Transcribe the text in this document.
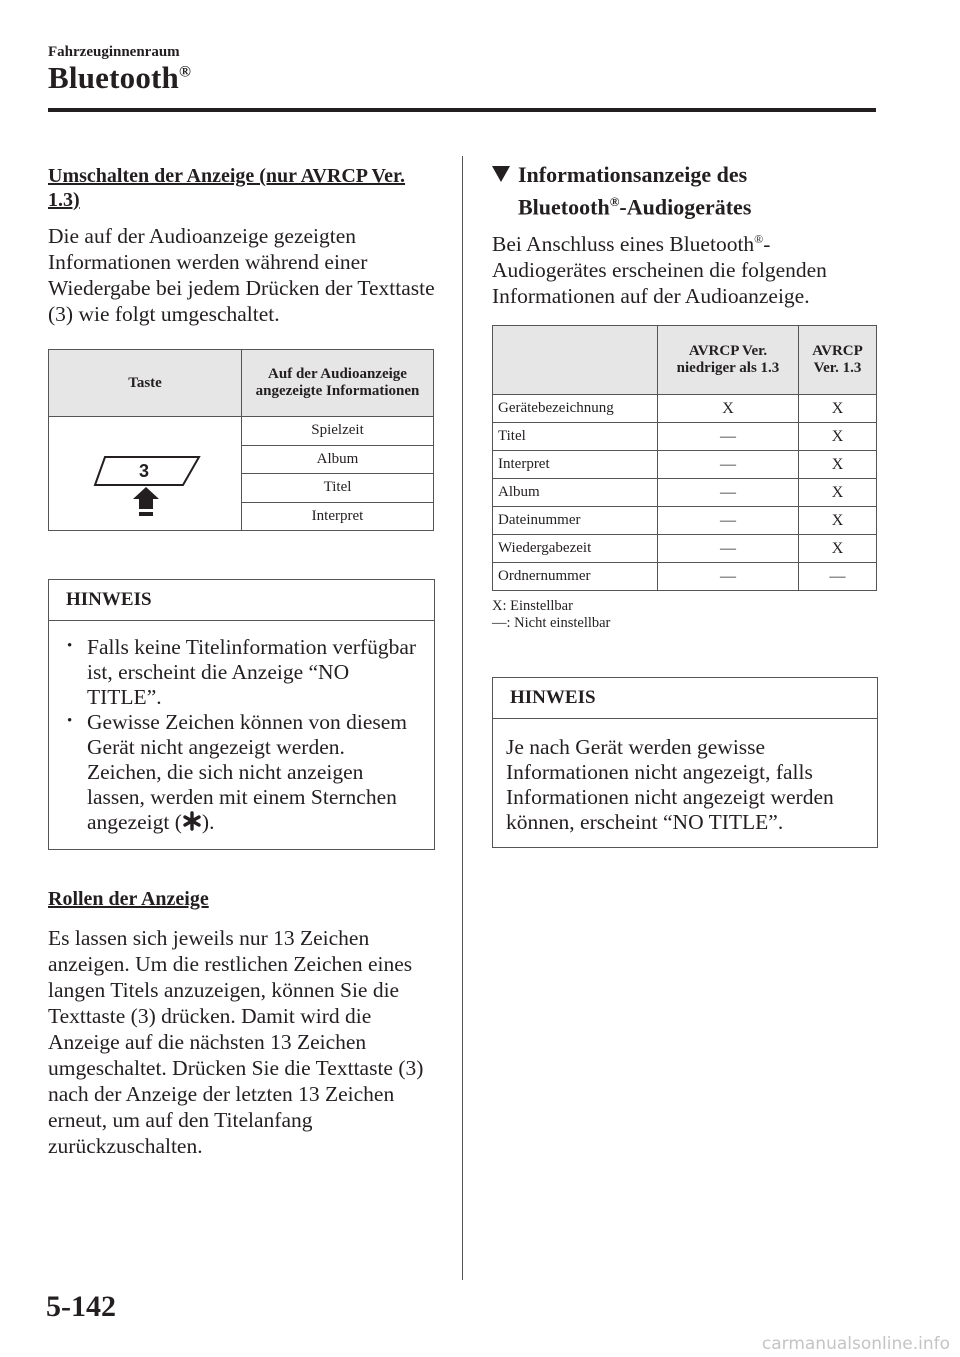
Fahrzeuginnenraum
Bluetooth®
Umschalten der Anzeige (nur AVRCP Ver. 1.3)
Die auf der Audioanzeige gezeigten Informationen werden während einer Wiedergabe bei jedem Drücken der Texttaste (3) wie folgt umgeschaltet.
Taste	Auf der Audioanzeige angezeigte Informationen

3	Spielzeit
	Album
	Titel
	Interpret
HINWEIS
• Falls keine Titelinformation verfügbar ist, erscheint die Anzeige “NO TITLE”.
• Gewisse Zeichen können von diesem Gerät nicht angezeigt werden. Zeichen, die sich nicht anzeigen lassen, werden mit einem Sternchen angezeigt ( ).
Rollen der Anzeige
Es lassen sich jeweils nur 13 Zeichen anzeigen. Um die restlichen Zeichen eines langen Titels anzuzeigen, können Sie die Texttaste (3) drücken. Damit wird die Anzeige auf die nächsten 13 Zeichen umgeschaltet. Drücken Sie die Texttaste (3) nach der Anzeige der letzten 13 Zeichen erneut, um auf den Titelanfang zurückzuschalten.
Informationsanzeige des
Bluetooth®-Audiogerätes
Bei Anschluss eines Bluetooth®-Audiogerätes erscheinen die folgenden Informationen auf der Audioanzeige.
	AVRCP Ver. niedriger als 1.3	AVRCP Ver. 1.3
Gerätebezeichnung	X	X
Titel	—	X
Interpret	—	X
Album	—	X
Dateinummer	—	X
Wiedergabezeit	—	X
Ordnernummer	—	—
X: Einstellbar
—: Nicht einstellbar
HINWEIS
Je nach Gerät werden gewisse Informationen nicht angezeigt, falls Informationen nicht angezeigt werden können, erscheint “NO TITLE”.
5-142
carmanualsonline.info
